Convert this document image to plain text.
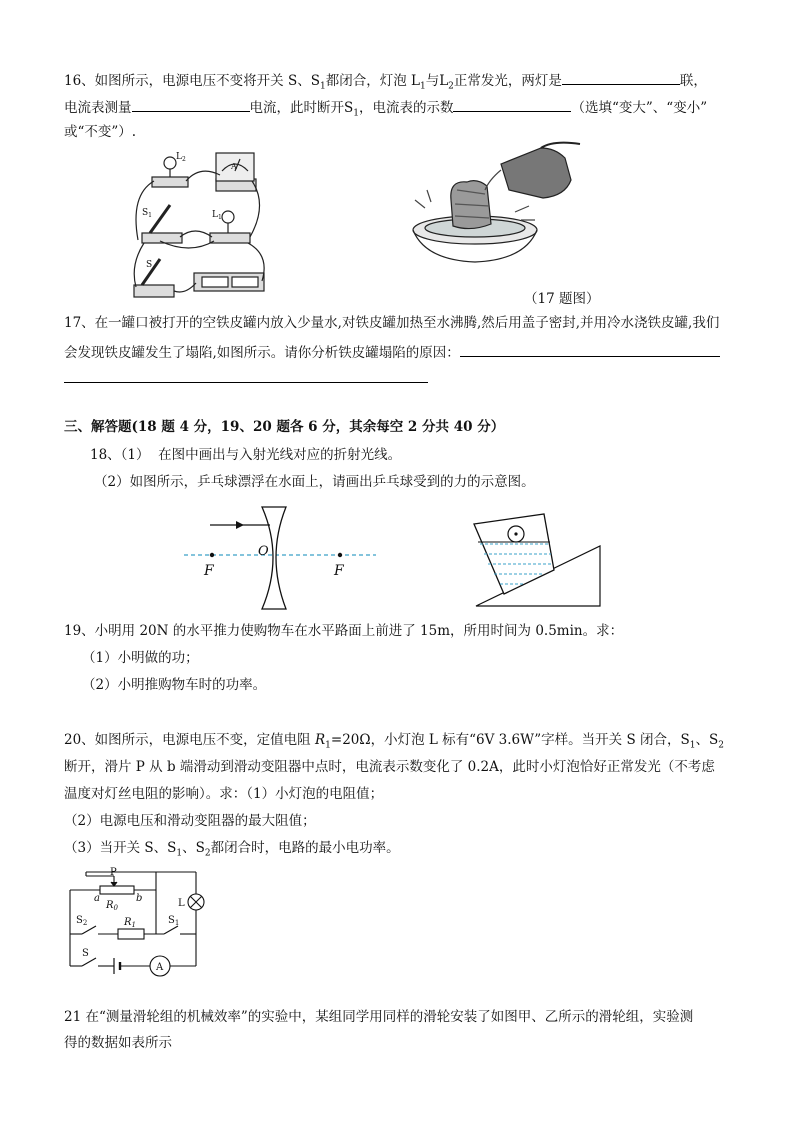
16、如图所示，电源电压不变将开关 S、$S_1$都闭合，灯泡 $L_1$与$L_2$正常发光，两灯是	联，
电流表测量	电流，此时断开$S_1$，电流表的示数	（选填“变大”、“变小”
或“不变”）.
$L_2$
$L_1$
$S_1$
S
A
（17 题图）
17、在一罐口被打开的空铁皮罐内放入少量水,对铁皮罐加热至水沸腾,然后用盖子密封,并用冷水浇铁皮罐,我们
会发现铁皮罐发生了塌陷,如图所示。请你分析铁皮罐塌陷的原因：
三、解答题(18 题 4 分，19、20 题各 6 分，其余每空 2 分共 40 分）
18、（1） 在图中画出与入射光线对应的折射光线。
（2）如图所示，乒乓球漂浮在水面上，请画出乒乓球受到的力的示意图。
F
O
F
19、小明用 20N 的水平推力使购物车在水平路面上前进了 15m，所用时间为 0.5min。求：
（1）小明做的功；
（2）小明推购物车时的功率。
20、如图所示，电源电压不变，定值电阻 $R_1=20\Omega$，小灯泡 L 标有“6V 3.6W”字样。当开关 S 闭合，$S_1$、$S_2$
断开，滑片 P 从 b 端滑动到滑动变阻器中点时，电流表示数变化了 0.2A，此时小灯泡恰好正常发光（不考虑
温度对灯丝电阻的影响）。求：（1）小灯泡的电阻值；
（2）电源电压和滑动变阻器的最大阻值；
（3）当开关 S、$S_1$、$S_2$都闭合时，电路的最小电功率。
P
a	b
$R_0$
$R_1$
$S_2$	$S_1$
S
L
A
21 在“测量滑轮组的机械效率”的实验中，某组同学用同样的滑轮安装了如图甲、乙所示的滑轮组，实验测
得的数据如表所示
